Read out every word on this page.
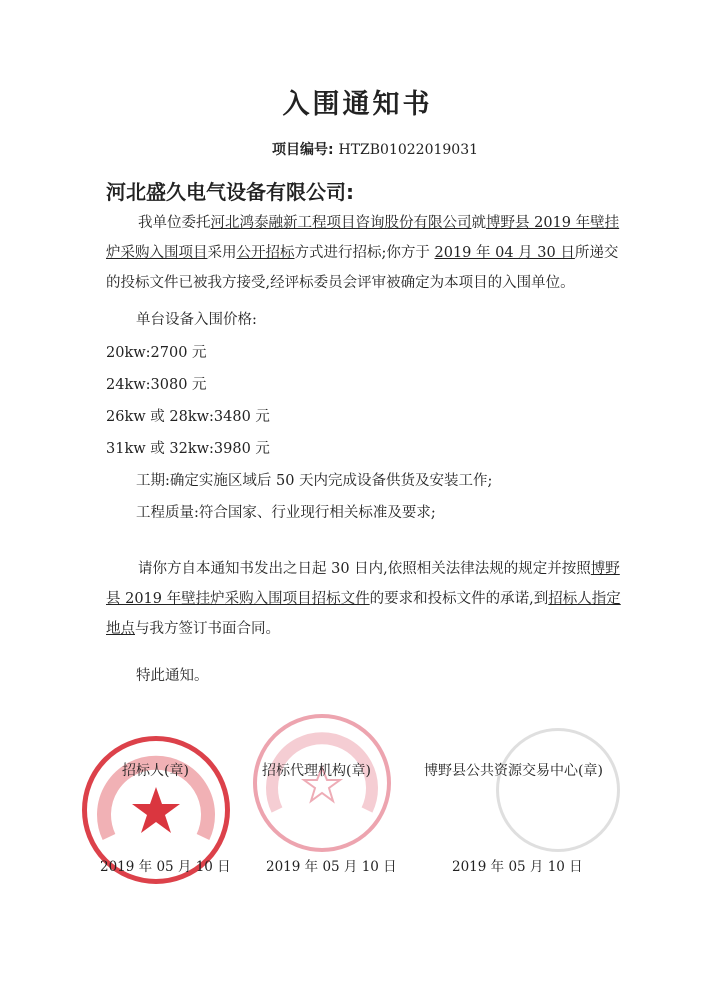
入围通知书
项目编号: HTZB01022019031
河北盛久电气设备有限公司:
我单位委托河北鸿泰融新工程项目咨询股份有限公司就博野县 2019 年壁挂炉采购入围项目采用公开招标方式进行招标;你方于 2019 年 04 月 30 日所递交的投标文件已被我方接受,经评标委员会评审被确定为本项目的入围单位。
单台设备入围价格:
20kw:2700 元
24kw:3080 元
26kw 或 28kw:3480 元
31kw 或 32kw:3980 元
工期:确定实施区域后 50 天内完成设备供货及安装工作;
工程质量:符合国家、行业现行相关标准及要求;
请你方自本通知书发出之日起 30 日内,依照相关法律法规的规定并按照博野县 2019 年壁挂炉采购入围项目招标文件的要求和投标文件的承诺,到招标人指定地点与我方签订书面合同。
特此通知。
招标人(章)	招标代理机构(章)	博野县公共资源交易中心(章)
2019 年 05 月 10 日	2019 年 05 月 10 日	2019 年 05 月 10 日
